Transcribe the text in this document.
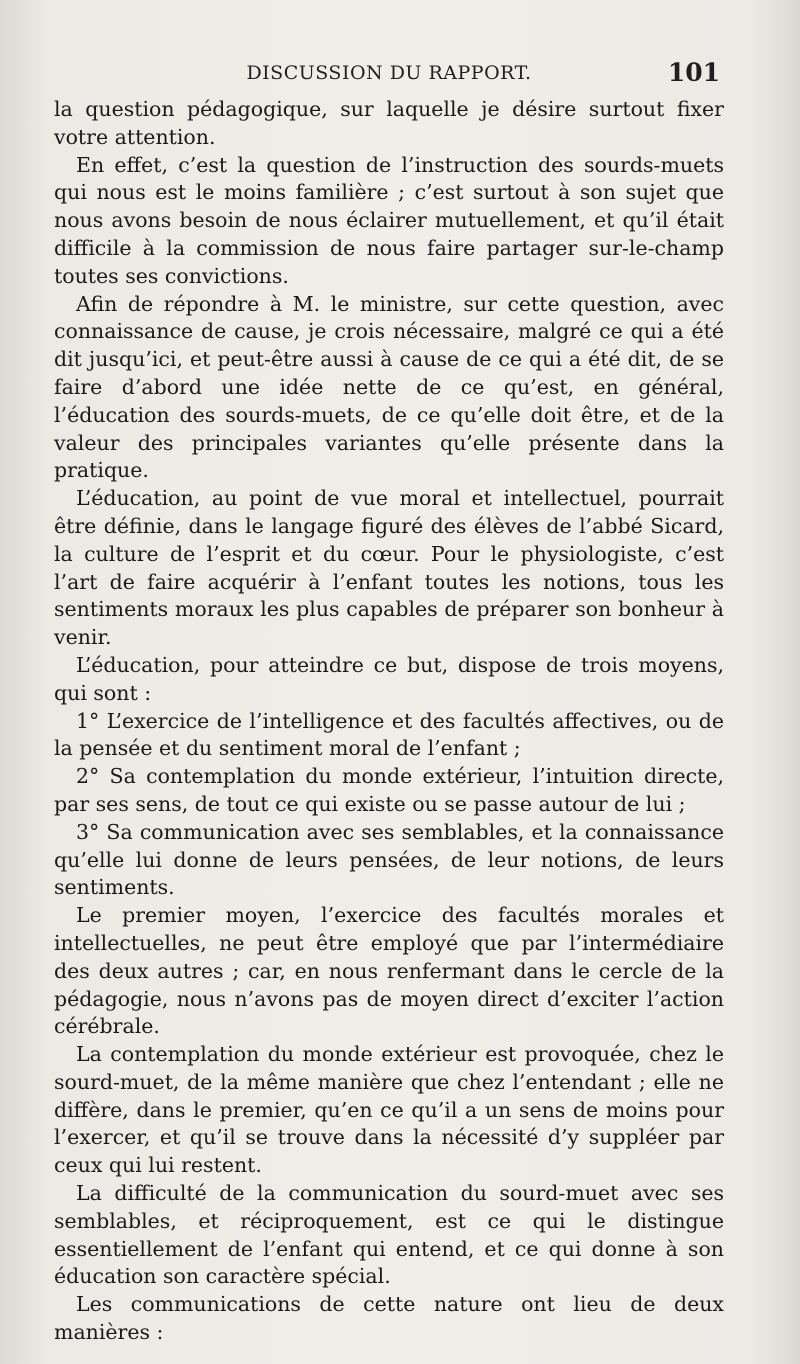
DISCUSSION DU RAPPORT.	101

la question pédagogique, sur laquelle je désire surtout fixer votre attention.

En effet, c’est la question de l’instruction des sourds-muets qui nous est le moins familière ; c’est surtout à son sujet que nous avons besoin de nous éclairer mutuellement, et qu’il était difficile à la commission de nous faire partager sur-le-champ toutes ses convictions.

Afin de répondre à M. le ministre, sur cette question, avec connaissance de cause, je crois nécessaire, malgré ce qui a été dit jusqu’ici, et peut-être aussi à cause de ce qui a été dit, de se faire d’abord une idée nette de ce qu’est, en général, l’éducation des sourds-muets, de ce qu’elle doit être, et de la valeur des principales variantes qu’elle présente dans la pratique.

L’éducation, au point de vue moral et intellectuel, pourrait être définie, dans le langage figuré des élèves de l’abbé Sicard, la culture de l’esprit et du cœur. Pour le physiologiste, c’est l’art de faire acquérir à l’enfant toutes les notions, tous les sentiments moraux les plus capables de préparer son bonheur à venir.

L’éducation, pour atteindre ce but, dispose de trois moyens, qui sont :

1° L’exercice de l’intelligence et des facultés affectives, ou de la pensée et du sentiment moral de l’enfant ;

2° Sa contemplation du monde extérieur, l’intuition directe, par ses sens, de tout ce qui existe ou se passe autour de lui ;

3° Sa communication avec ses semblables, et la connaissance qu’elle lui donne de leurs pensées, de leur notions, de leurs sentiments.

Le premier moyen, l’exercice des facultés morales et intellectuelles, ne peut être employé que par l’intermédiaire des deux autres ; car, en nous renfermant dans le cercle de la pédagogie, nous n’avons pas de moyen direct d’exciter l’action cérébrale.

La contemplation du monde extérieur est provoquée, chez le sourd-muet, de la même manière que chez l’entendant ; elle ne diffère, dans le premier, qu’en ce qu’il a un sens de moins pour l’exercer, et qu’il se trouve dans la nécessité d’y suppléer par ceux qui lui restent.

La difficulté de la communication du sourd-muet avec ses semblables, et réciproquement, est ce qui le distingue essentiellement de l’enfant qui entend, et ce qui donne à son éducation son caractère spécial.

Les communications de cette nature ont lieu de deux manières :
